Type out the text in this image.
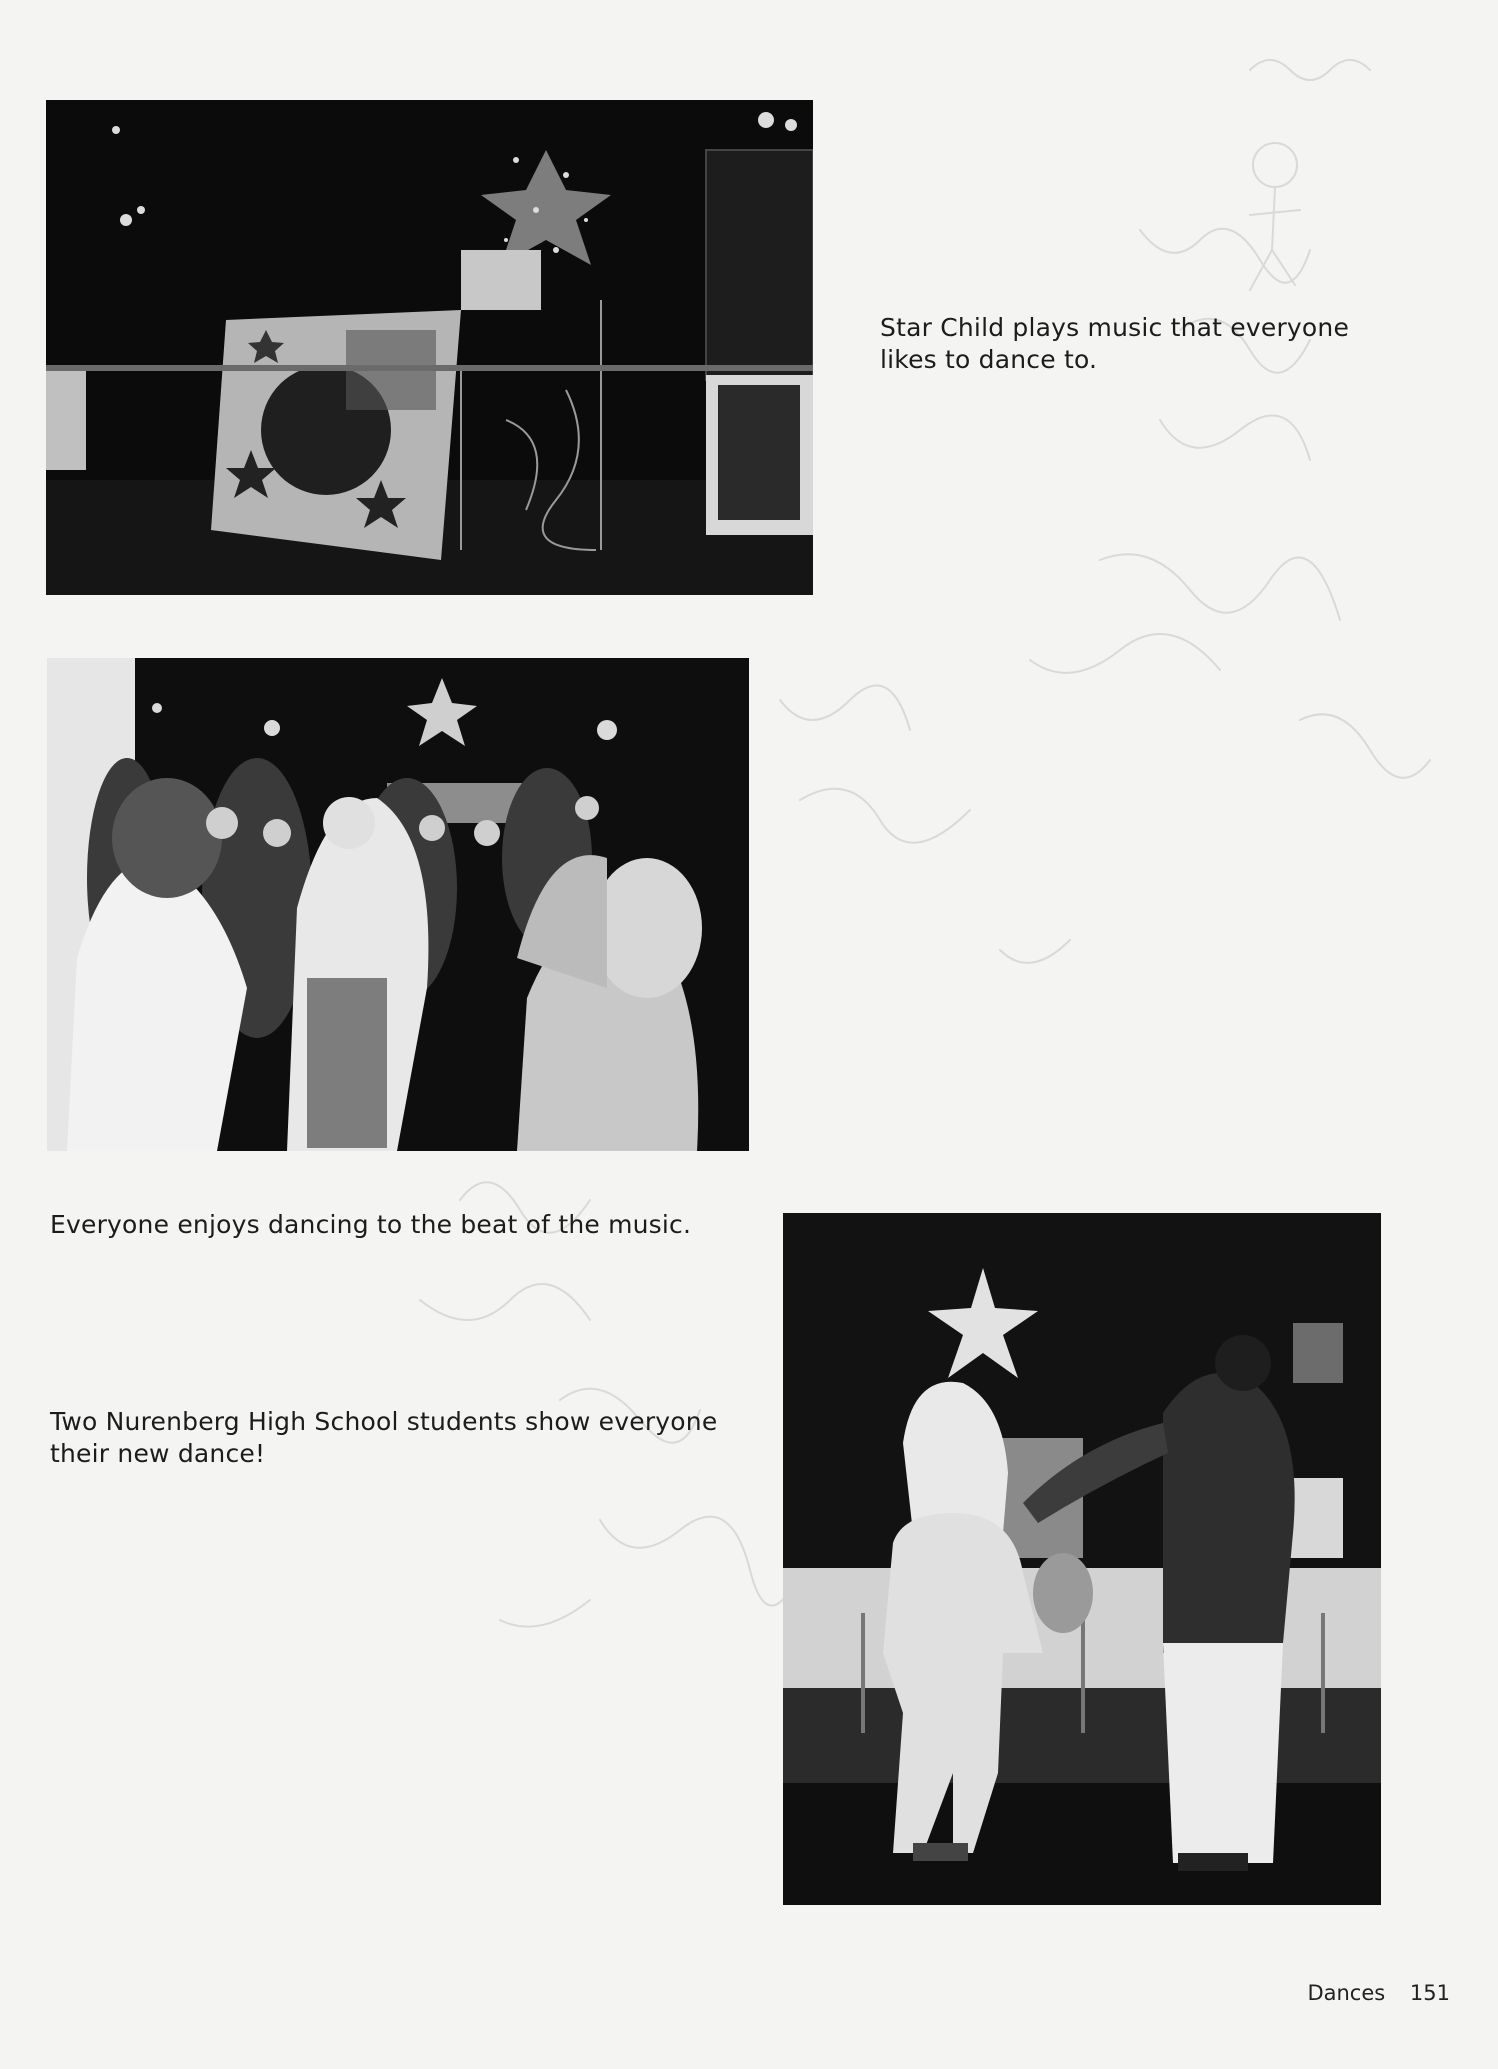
Star Child plays music that everyone
likes to dance to.
Everyone enjoys dancing to the beat of the music.
Two Nurenberg High School students show everyone
their new dance!
Dances 151
